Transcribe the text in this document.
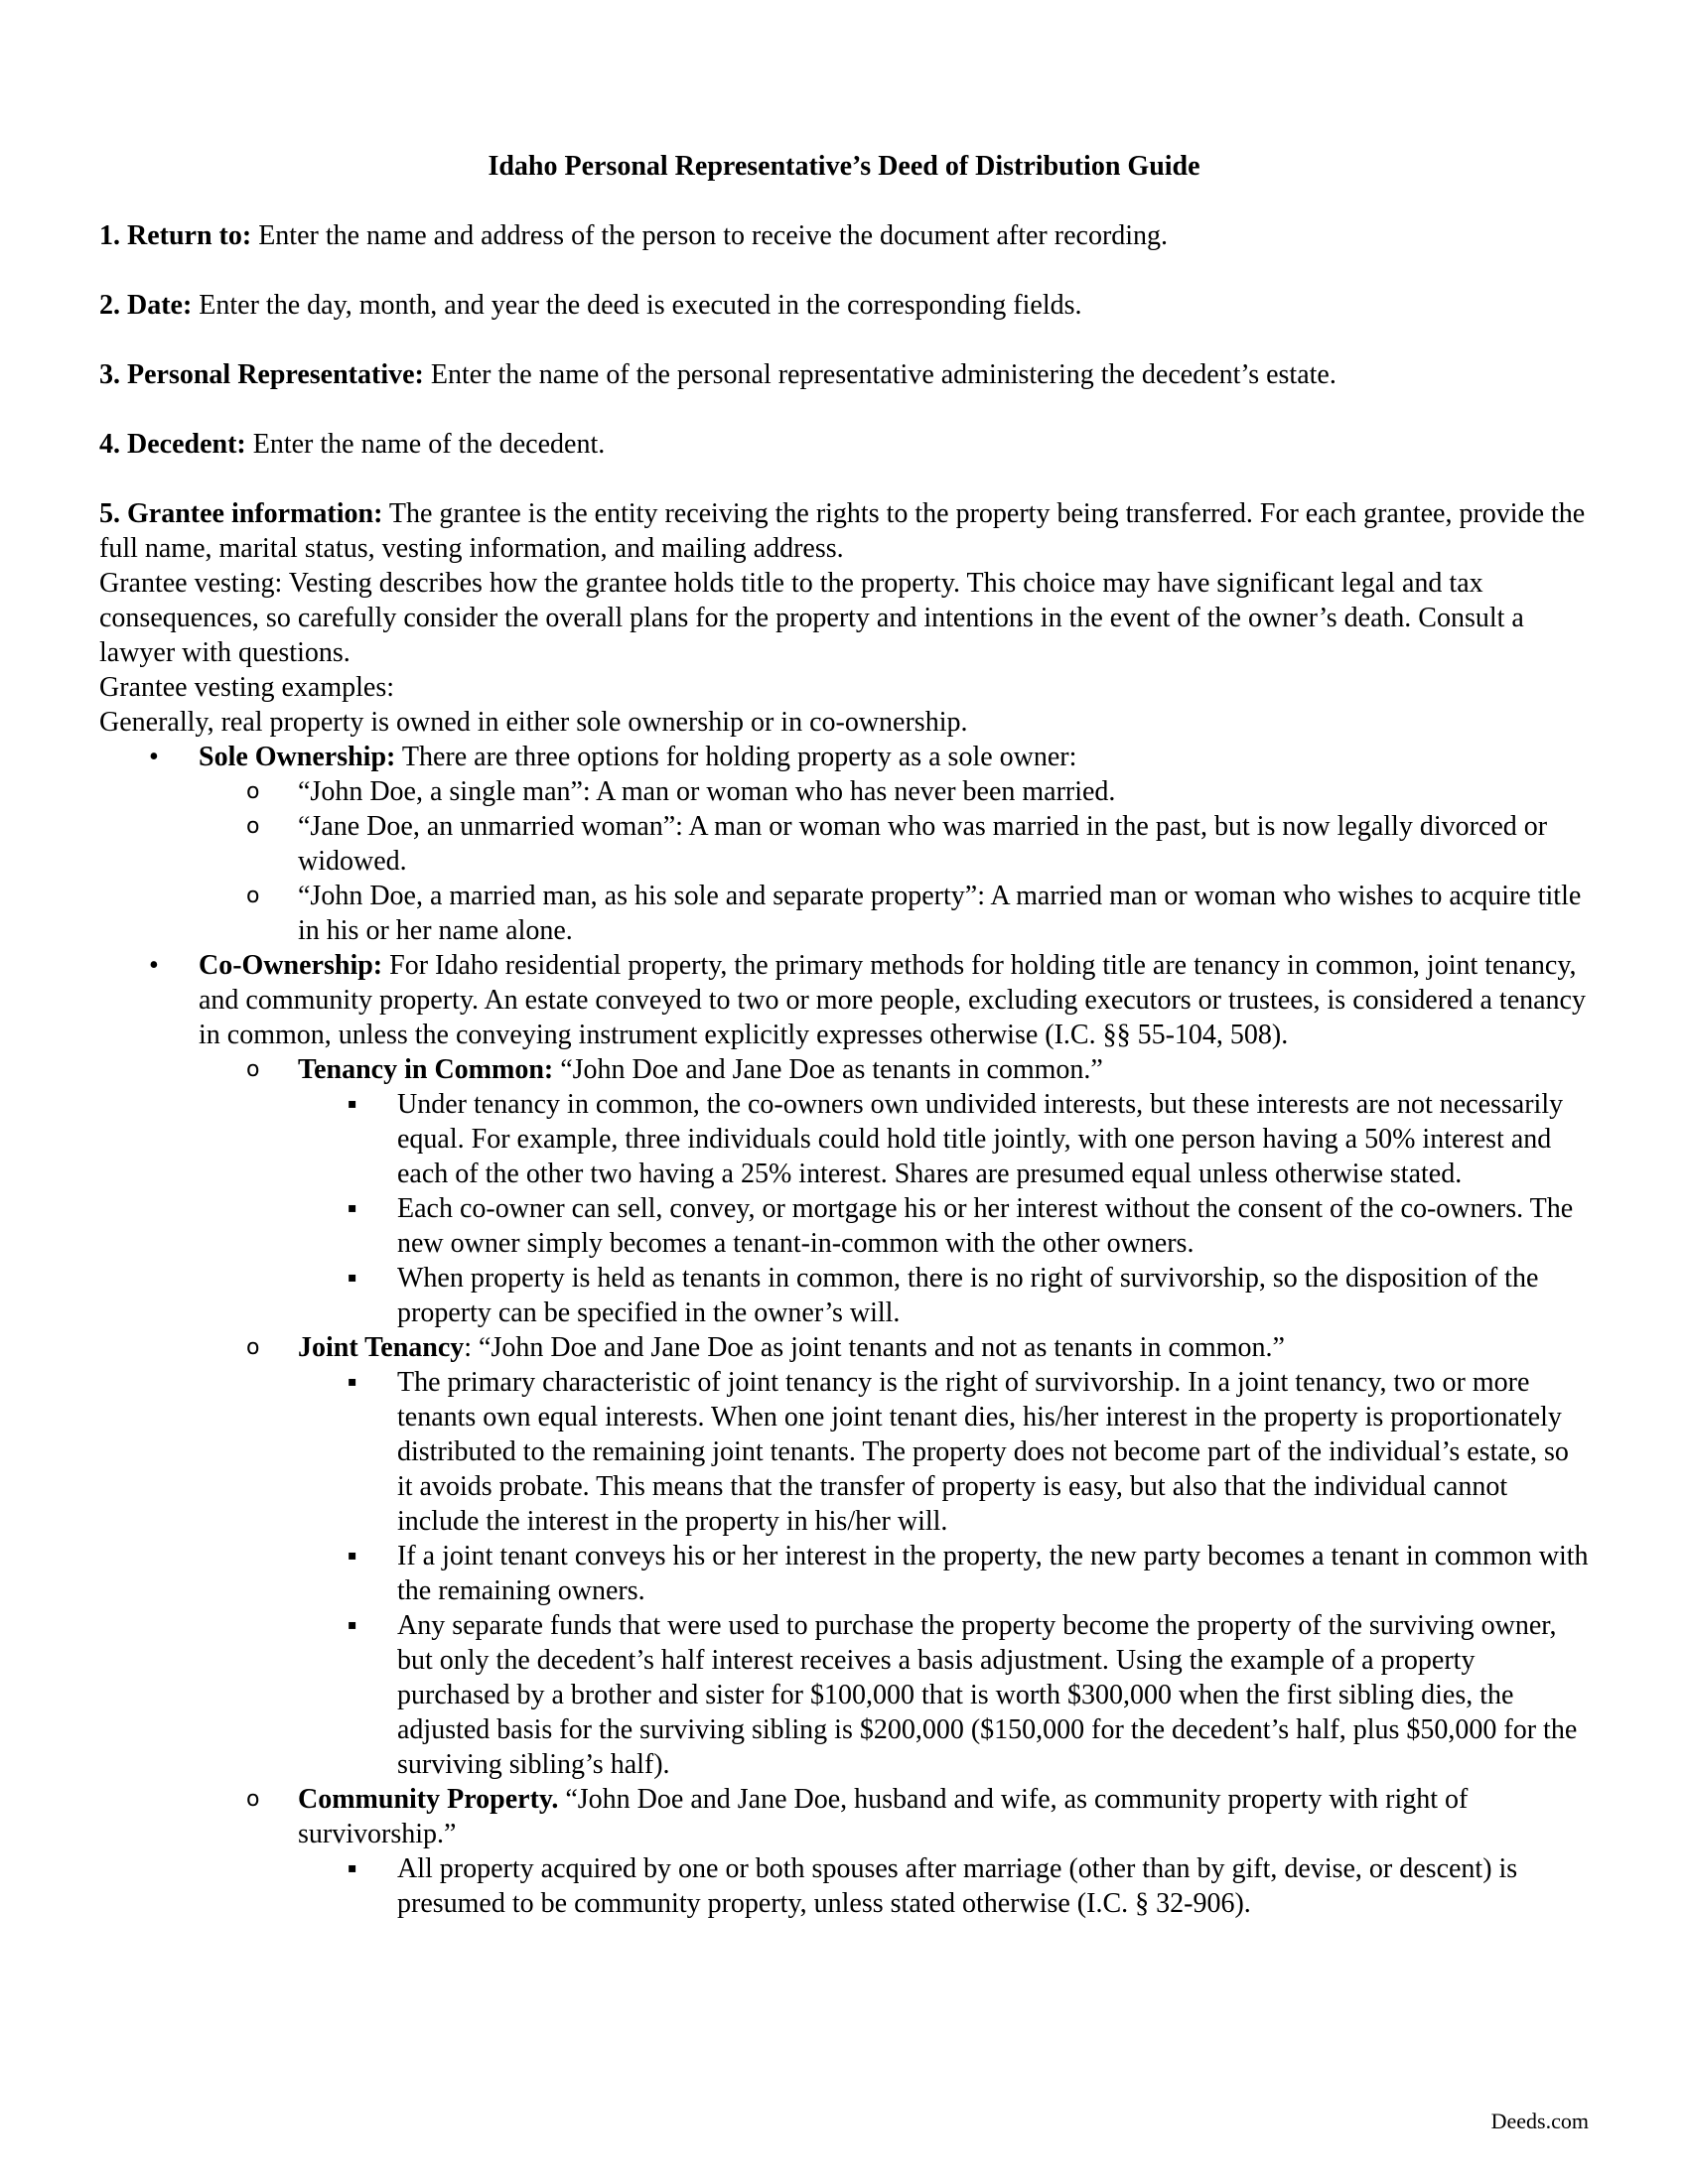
Idaho Personal Representative’s Deed of Distribution Guide
1. Return to: Enter the name and address of the person to receive the document after recording.
2. Date: Enter the day, month, and year the deed is executed in the corresponding fields.
3. Personal Representative: Enter the name of the personal representative administering the decedent’s estate.
4. Decedent: Enter the name of the decedent.
5. Grantee information: The grantee is the entity receiving the rights to the property being transferred. For each grantee, provide the full name, marital status, vesting information, and mailing address.
Grantee vesting: Vesting describes how the grantee holds title to the property. This choice may have significant legal and tax consequences, so carefully consider the overall plans for the property and intentions in the event of the owner’s death. Consult a lawyer with questions.
Grantee vesting examples:
Generally, real property is owned in either sole ownership or in co-ownership.
•	Sole Ownership: There are three options for holding property as a sole owner:
o “John Doe, a single man”: A man or woman who has never been married.
o “Jane Doe, an unmarried woman”: A man or woman who was married in the past, but is now legally divorced or widowed.
o “John Doe, a married man, as his sole and separate property”: A married man or woman who wishes to acquire title in his or her name alone.
•	Co-Ownership: For Idaho residential property, the primary methods for holding title are tenancy in common, joint tenancy, and community property. An estate conveyed to two or more people, excluding executors or trustees, is considered a tenancy in common, unless the conveying instrument explicitly expresses otherwise (I.C. §§ 55-104, 508).
o Tenancy in Common: “John Doe and Jane Doe as tenants in common.”
▪	Under tenancy in common, the co-owners own undivided interests, but these interests are not necessarily equal. For example, three individuals could hold title jointly, with one person having a 50% interest and each of the other two having a 25% interest. Shares are presumed equal unless otherwise stated.
▪	Each co-owner can sell, convey, or mortgage his or her interest without the consent of the co-owners. The new owner simply becomes a tenant-in-common with the other owners.
▪	When property is held as tenants in common, there is no right of survivorship, so the disposition of the property can be specified in the owner’s will.
o Joint Tenancy: “John Doe and Jane Doe as joint tenants and not as tenants in common.”
▪	The primary characteristic of joint tenancy is the right of survivorship. In a joint tenancy, two or more tenants own equal interests. When one joint tenant dies, his/her interest in the property is proportionately distributed to the remaining joint tenants. The property does not become part of the individual’s estate, so it avoids probate. This means that the transfer of property is easy, but also that the individual cannot include the interest in the property in his/her will.
▪	If a joint tenant conveys his or her interest in the property, the new party becomes a tenant in common with the remaining owners.
▪	Any separate funds that were used to purchase the property become the property of the surviving owner, but only the decedent’s half interest receives a basis adjustment. Using the example of a property purchased by a brother and sister for $100,000 that is worth $300,000 when the first sibling dies, the adjusted basis for the surviving sibling is $200,000 ($150,000 for the decedent’s half, plus $50,000 for the surviving sibling’s half).
o Community Property. “John Doe and Jane Doe, husband and wife, as community property with right of survivorship.”
▪	All property acquired by one or both spouses after marriage (other than by gift, devise, or descent) is presumed to be community property, unless stated otherwise (I.C. § 32-906).
Deeds.com
